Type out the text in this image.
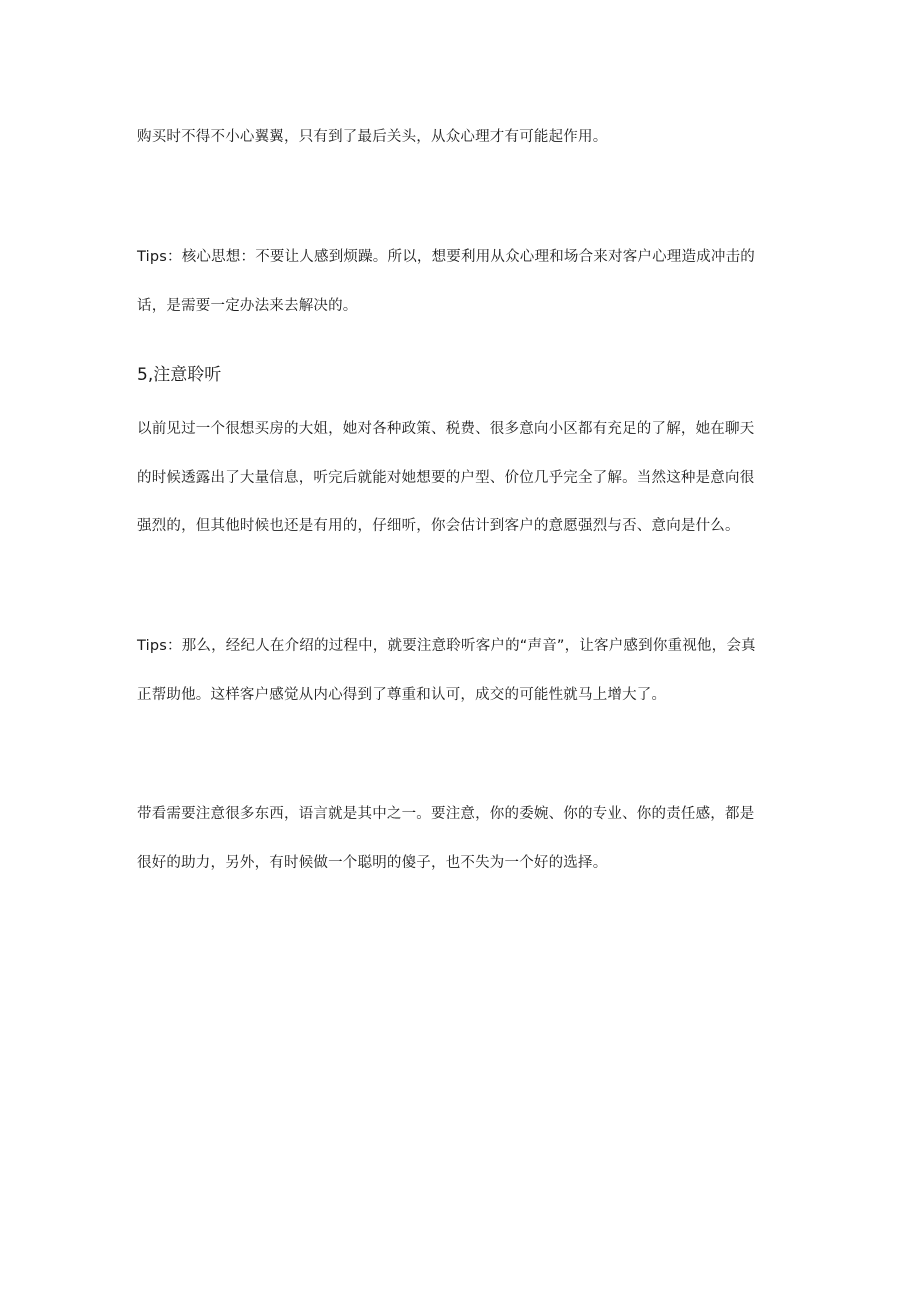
购买时不得不小心翼翼，只有到了最后关头，从众心理才有可能起作用。
Tips：核心思想：不要让人感到烦躁。所以，想要利用从众心理和场合来对客户心理造成冲击的
话，是需要一定办法来去解决的。
5,注意聆听
以前见过一个很想买房的大姐，她对各种政策、税费、很多意向小区都有充足的了解，她在聊天
的时候透露出了大量信息，听完后就能对她想要的户型、价位几乎完全了解。当然这种是意向很
强烈的，但其他时候也还是有用的，仔细听，你会估计到客户的意愿强烈与否、意向是什么。
Tips：那么，经纪人在介绍的过程中，就要注意聆听客户的“声音”，让客户感到你重视他，会真
正帮助他。这样客户感觉从内心得到了尊重和认可，成交的可能性就马上增大了。
带看需要注意很多东西，语言就是其中之一。要注意，你的委婉、你的专业、你的责任感，都是
很好的助力，另外，有时候做一个聪明的傻子，也不失为一个好的选择。
